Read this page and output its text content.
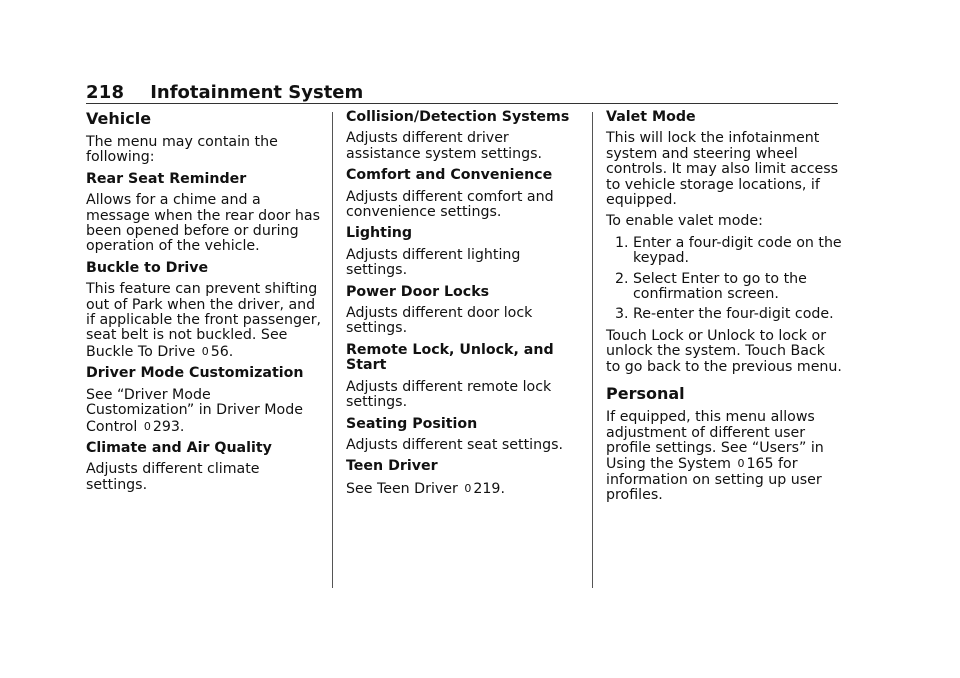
218 Infotainment System
Vehicle

The menu may contain the following:

Rear Seat Reminder

Allows for a chime and a message when the rear door has been opened before or during operation of the vehicle.

Buckle to Drive

This feature can prevent shifting out of Park when the driver, and if applicable the front passenger, seat belt is not buckled. See Buckle To Drive 0 56.

Driver Mode Customization

See “Driver Mode Customization” in Driver Mode Control 0 293.

Climate and Air Quality

Adjusts different climate settings.

Collision/Detection Systems

Adjusts different driver assistance system settings.

Comfort and Convenience

Adjusts different comfort and convenience settings.

Lighting

Adjusts different lighting settings.

Power Door Locks

Adjusts different door lock settings.

Remote Lock, Unlock, and Start

Adjusts different remote lock settings.

Seating Position

Adjusts different seat settings.

Teen Driver

See Teen Driver 0 219.

Valet Mode

This will lock the infotainment system and steering wheel controls. It may also limit access to vehicle storage locations, if equipped.

To enable valet mode:

1. Enter a four-digit code on the keypad.
2. Select Enter to go to the confirmation screen.
3. Re-enter the four-digit code.

Touch Lock or Unlock to lock or unlock the system. Touch Back to go back to the previous menu.

Personal

If equipped, this menu allows adjustment of different user profile settings. See “Users” in Using the System 0 165 for information on setting up user profiles.
